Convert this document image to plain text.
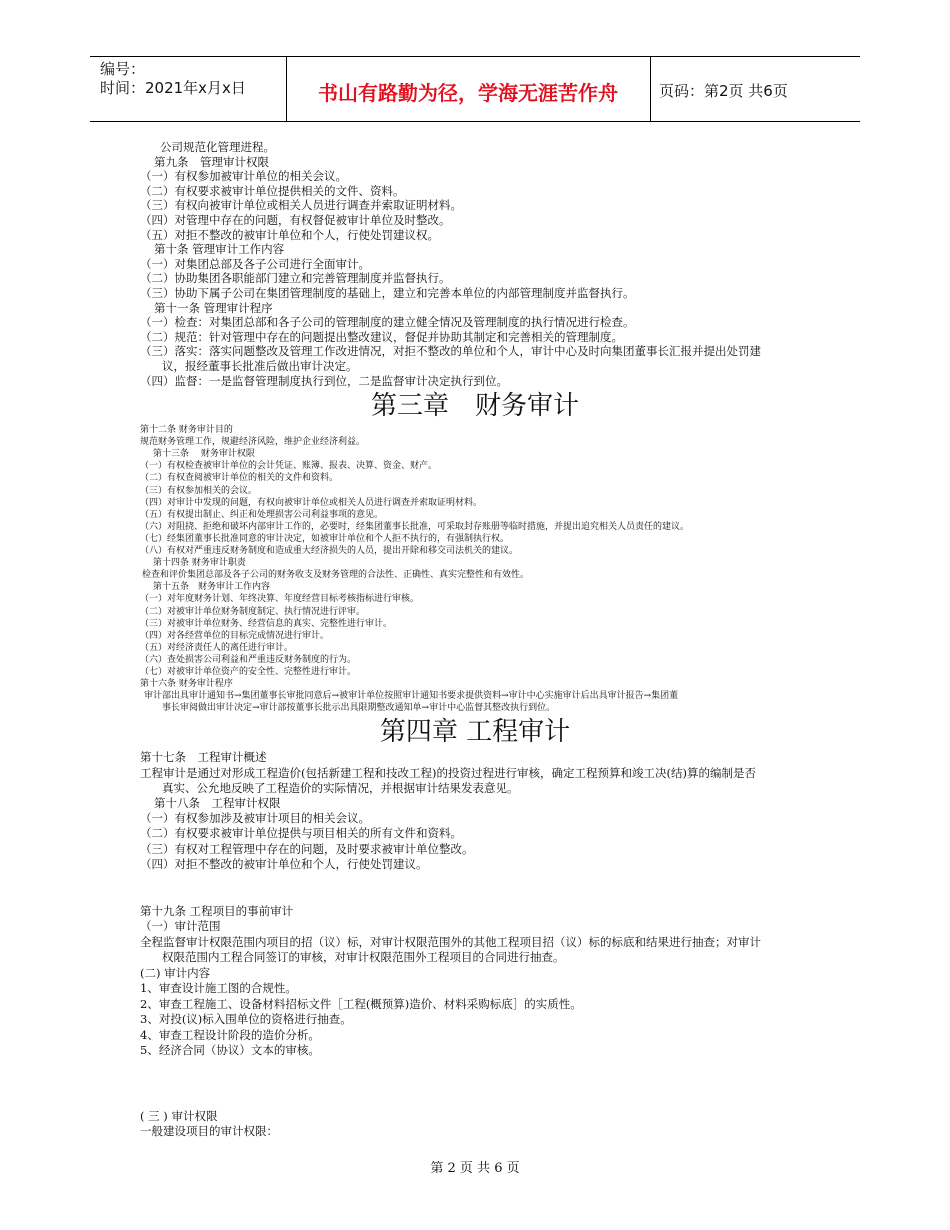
编号：
时间：2021年x月x日	书山有路勤为径，学海无涯苦作舟	页码：第2页 共6页
公司规范化管理进程。
第九条　管理审计权限
（一）有权参加被审计单位的相关会议。
（二）有权要求被审计单位提供相关的文件、资料。
（三）有权向被审计单位或相关人员进行调查并索取证明材料。
（四）对管理中存在的问题，有权督促被审计单位及时整改。
（五）对拒不整改的被审计单位和个人，行使处罚建议权。
第十条 管理审计工作内容
（一）对集团总部及各子公司进行全面审计。
（二）协助集团各职能部门建立和完善管理制度并监督执行。
（三）协助下属子公司在集团管理制度的基础上，建立和完善本单位的内部管理制度并监督执行。
第十一条 管理审计程序
（一）检查：对集团总部和各子公司的管理制度的建立健全情况及管理制度的执行情况进行检查。
（二）规范：针对管理中存在的问题提出整改建议，督促并协助其制定和完善相关的管理制度。
（三）落实：落实问题整改及管理工作改进情况，对拒不整改的单位和个人，审计中心及时向集团董事长汇报并提出处罚建
议，报经董事长批准后做出审计决定。
（四）监督：一是监督管理制度执行到位，二是监督审计决定执行到位。
第三章　财务审计
第十二条 财务审计目的
规范财务管理工作，规避经济风险，维护企业经济利益。
第十三条　 财务审计权限
（一）有权检查被审计单位的会计凭证、账簿、报表、决算、资金、财产。
（二）有权查阅被审计单位的相关的文件和资料。
（三）有权参加相关的会议。
（四）对审计中发现的问题，有权向被审计单位或相关人员进行调查并索取证明材料。
（五）有权提出制止、纠正和处理损害公司利益事项的意见。
（六）对阻挠、拒绝和破坏内部审计工作的，必要时，经集团董事长批准，可采取封存账册等临时措施，并提出追究相关人员责任的建议。
（七）经集团董事长批准同意的审计决定，如被审计单位和个人拒不执行的，有强制执行权。
（八）有权对严重违反财务制度和造成重大经济损失的人员，提出开除和移交司法机关的建议。
第十四条 财务审计职责
检查和评价集团总部及各子公司的财务收支及财务管理的合法性、正确性、真实完整性和有效性。
第十五条　财务审计工作内容
（一）对年度财务计划、年终决算、年度经营目标考核指标进行审核。
（二）对被审计单位财务制度制定、执行情况进行评审。
（三）对被审计单位财务、经营信息的真实、完整性进行审计。
（四）对各经营单位的目标完成情况进行审计。
（五）对经济责任人的离任进行审计。
（六）查处损害公司利益和严重违反财务制度的行为。
（七）对被审计单位资产的安全性、完整性进行审计。
第十六条 财务审计程序
审计部出具审计通知书→集团董事长审批同意后→被审计单位按照审计通知书要求提供资料→审计中心实施审计后出具审计报告→集团董
事长审阅做出审计决定→审计部按董事长批示出具限期整改通知单→审计中心监督其整改执行到位。
第四章 工程审计
第十七条　工程审计概述
工程审计是通过对形成工程造价(包括新建工程和技改工程)的投资过程进行审核，确定工程预算和竣工决(结)算的编制是否
真实、公允地反映了工程造价的实际情况，并根据审计结果发表意见。
第十八条　工程审计权限
（一）有权参加涉及被审计项目的相关会议。
（二）有权要求被审计单位提供与项目相关的所有文件和资料。
（三）有权对工程管理中存在的问题，及时要求被审计单位整改。
（四）对拒不整改的被审计单位和个人，行使处罚建议。
第十九条 工程项目的事前审计
（一）审计范围
全程监督审计权限范围内项目的招（议）标，对审计权限范围外的其他工程项目招（议）标的标底和结果进行抽查；对审计
权限范围内工程合同签订的审核，对审计权限范围外工程项目的合同进行抽查。
(二) 审计内容
1、审查设计施工图的合规性。
2、审查工程施工、设备材料招标文件［工程(概预算)造价、材料采购标底］的实质性。
3、对投(议)标入围单位的资格进行抽查。
4、审查工程设计阶段的造价分析。
5、经济合同（协议）文本的审核。
( 三 ) 审计权限
一般建设项目的审计权限：
第 2 页 共 6 页
